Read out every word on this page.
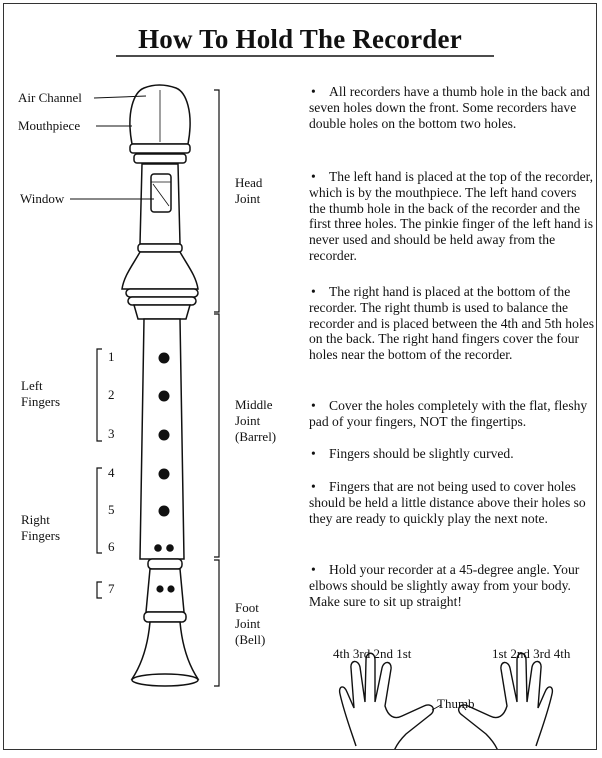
How To Hold The Recorder
Air Channel
Mouthpiece
Window
Head
Joint
Middle
Joint
(Barrel)
Foot
Joint
(Bell)
1
2
3
4
5
6
7
Left
Fingers
Right
Fingers
4th 3rd 2nd 1st	1st 2nd 3rd 4th
Thumb

• All recorders have a thumb hole in the back and seven holes down the front. Some recorders have double holes on the bottom two holes.

• The left hand is placed at the top of the recorder, which is by the mouthpiece. The left hand covers the thumb hole in the back of the recorder and the first three holes. The pinkie finger of the left hand is never used and should be held away from the recorder.

• The right hand is placed at the bottom of the recorder. The right thumb is used to balance the recorder and is placed between the 4th and 5th holes on the back. The right hand fingers cover the four holes near the bottom of the recorder.

• Cover the holes completely with the flat, fleshy pad of your fingers, NOT the fingertips.

• Fingers should be slightly curved.

• Fingers that are not being used to cover holes should be held a little distance above their holes so they are ready to quickly play the next note.

• Hold your recorder at a 45-degree angle. Your elbows should be slightly away from your body. Make sure to sit up straight!
